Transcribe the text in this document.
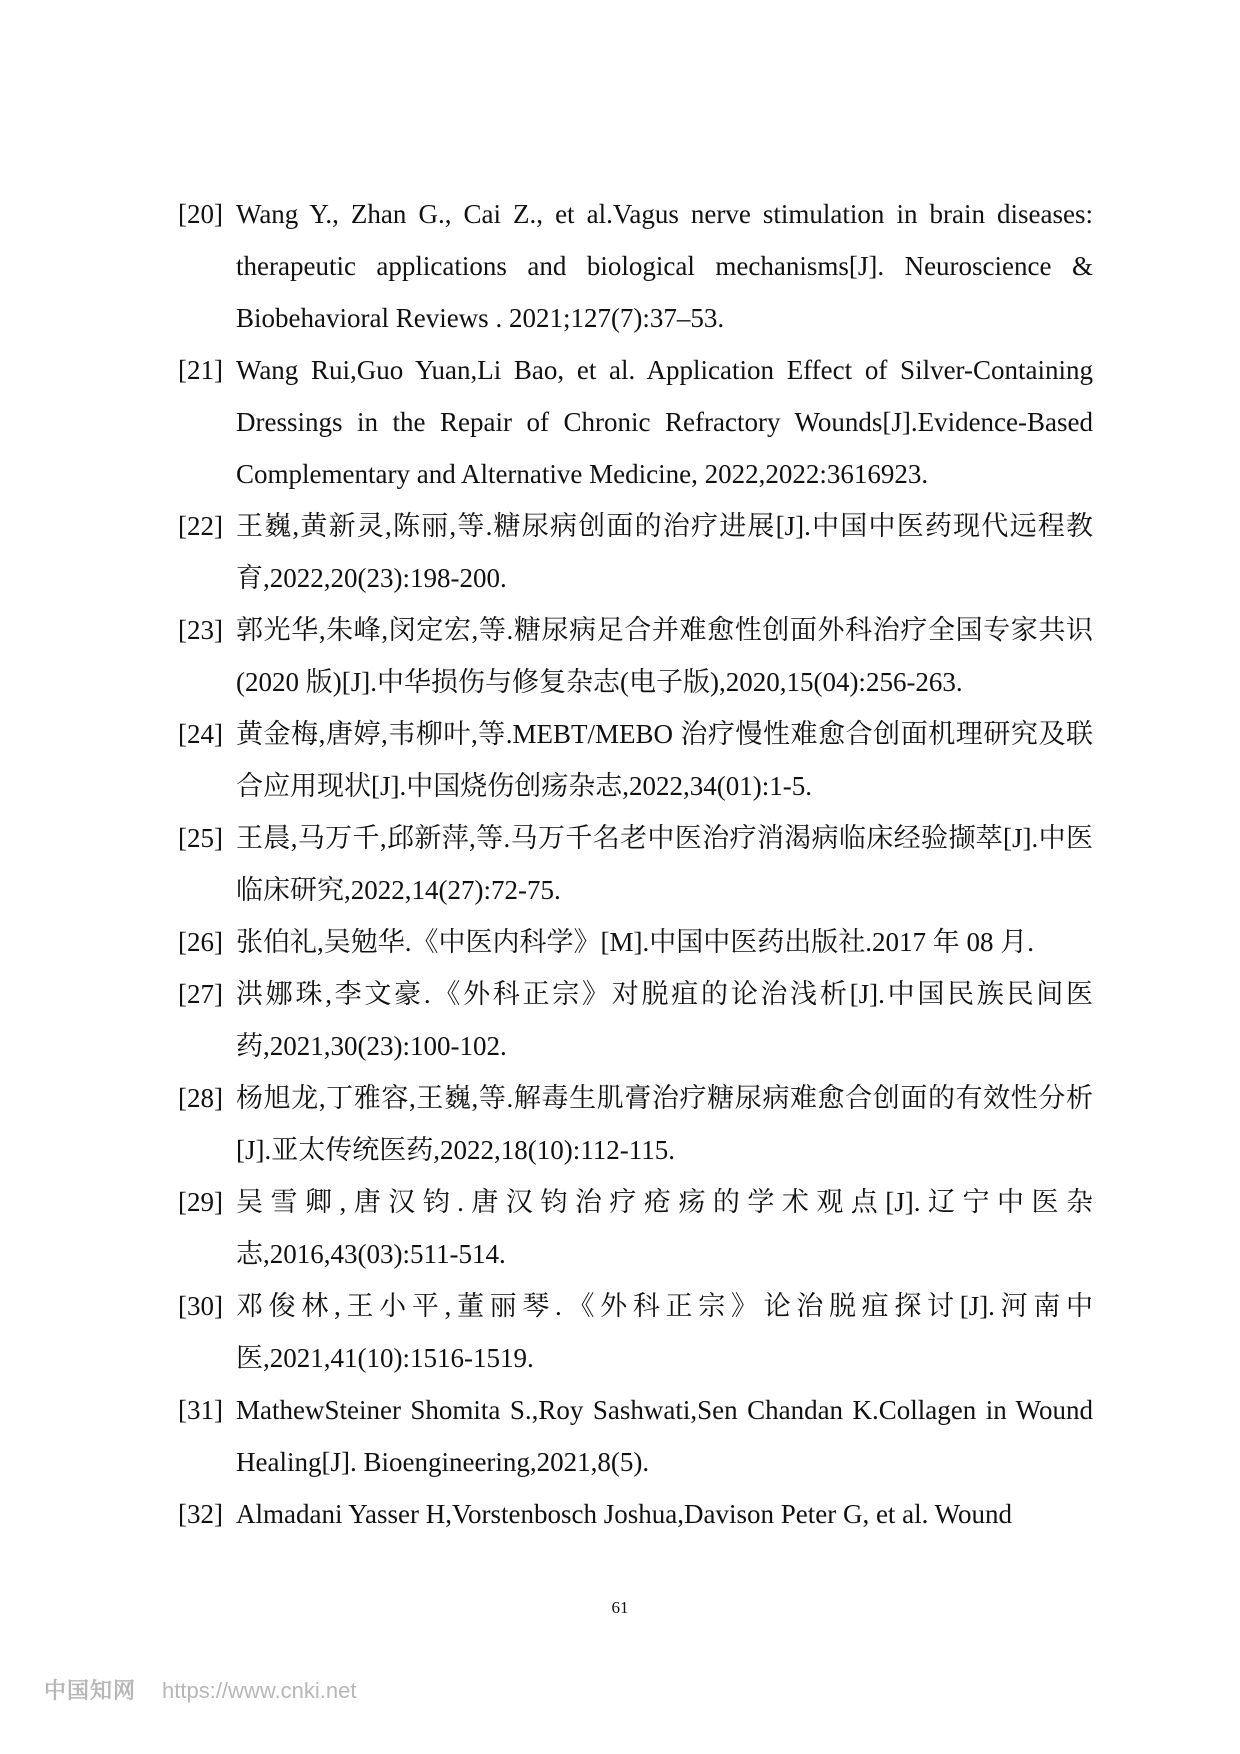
[20] Wang Y., Zhan G., Cai Z., et al.Vagus nerve stimulation in brain diseases: therapeutic applications and biological mechanisms[J]. Neuroscience & Biobehavioral Reviews . 2021;127(7):37–53.
[21] Wang Rui,Guo Yuan,Li Bao, et al. Application Effect of Silver-Containing Dressings in the Repair of Chronic Refractory Wounds[J].Evidence-Based Complementary and Alternative Medicine, 2022,2022:3616923.
[22] 王巍,黄新灵,陈丽,等.糖尿病创面的治疗进展[J].中国中医药现代远程教育,2022,20(23):198-200.
[23] 郭光华,朱峰,闵定宏,等.糖尿病足合并难愈性创面外科治疗全国专家共识(2020 版)[J].中华损伤与修复杂志(电子版),2020,15(04):256-263.
[24] 黄金梅,唐婷,韦柳叶,等.MEBT/MEBO 治疗慢性难愈合创面机理研究及联合应用现状[J].中国烧伤创疡杂志,2022,34(01):1-5.
[25] 王晨,马万千,邱新萍,等.马万千名老中医治疗消渴病临床经验撷萃[J].中医临床研究,2022,14(27):72-75.
[26] 张伯礼,吴勉华.《中医内科学》[M].中国中医药出版社.2017 年 08 月.
[27] 洪娜珠,李文豪.《外科正宗》对脱疽的论治浅析[J].中国民族民间医药,2021,30(23):100-102.
[28] 杨旭龙,丁雅容,王巍,等.解毒生肌膏治疗糖尿病难愈合创面的有效性分析[J].亚太传统医药,2022,18(10):112-115.
[29] 吴雪卿,唐汉钧.唐汉钧治疗疮疡的学术观点[J].辽宁中医杂志,2016,43(03):511-514.
[30] 邓俊林,王小平,董丽琴.《外科正宗》论治脱疽探讨[J].河南中医,2021,41(10):1516-1519.
[31] MathewSteiner Shomita S.,Roy Sashwati,Sen Chandan K.Collagen in Wound Healing[J]. Bioengineering,2021,8(5).
[32] Almadani Yasser H,Vorstenbosch Joshua,Davison Peter G, et al. Wound
61
中国知网 https://www.cnki.net
